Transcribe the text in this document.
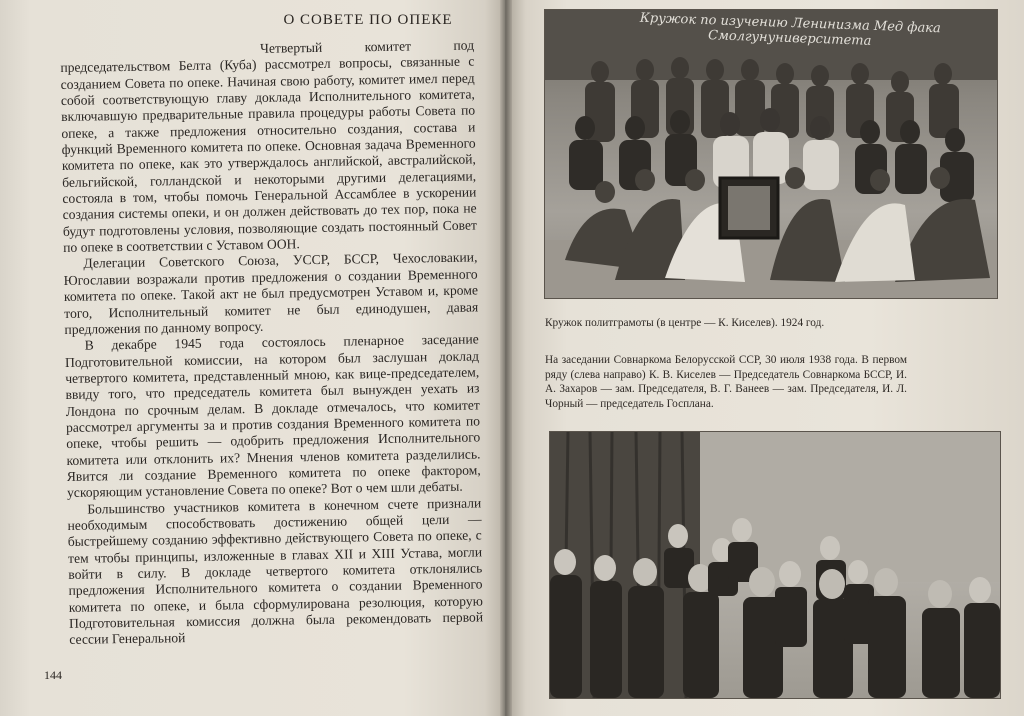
О СОВЕТЕ ПО ОПЕКЕ

Четвертый комитет под председательством Белта (Куба) рассмотрел вопросы, связанные с созданием Совета по опеке. Начиная свою работу, комитет имел перед собой соответствующую главу доклада Исполнительного комитета, включавшую предварительные правила процедуры работы Совета по опеке, а также предложения относительно создания, состава и функций Временного комитета по опеке. Основная задача Временного комитета по опеке, как это утверждалось английской, австралийской, бельгийской, голландской и некоторыми другими делегациями, состояла в том, чтобы помочь Генеральной Ассамблее в ускорении создания системы опеки, и он должен действовать до тех пор, пока не будут подготовлены условия, позволяющие создать постоянный Совет по опеке в соответствии с Уставом ООН.

Делегации Советского Союза, УССР, БССР, Чехословакии, Югославии возражали против предложения о создании Временного комитета по опеке. Такой акт не был предусмотрен Уставом и, кроме того, Исполнительный комитет не был единодушен, давая предложения по данному вопросу.

В декабре 1945 года состоялось пленарное заседание Подготовительной комиссии, на котором был заслушан доклад четвертого комитета, представленный мною, как вице-председателем, ввиду того, что председатель комитета был вынужден уехать из Лондона по срочным делам. В докладе отмечалось, что комитет рассмотрел аргументы за и против создания Временного комитета по опеке, чтобы решить — одобрить предложения Исполнительного комитета или отклонить их? Мнения членов комитета разделились. Явится ли создание Временного комитета по опеке фактором, ускоряющим установление Совета по опеке? Вот о чем шли дебаты.

Большинство участников комитета в конечном счете признали необходимым способствовать достижению общей цели — быстрейшему созданию эффективно действующего Совета по опеке, с тем чтобы принципы, изложенные в главах XII и XIII Устава, могли войти в силу. В докладе четвертого комитета отклонялись предложения Исполнительного комитета о создании Временного комитета по опеке, и была сформулирована резолюция, которую Подготовительная комиссия должна была рекомендовать первой сессии Генеральной

144
Кружок по изучению Ленинизма Мед фака Смолгунуниверситета
Кружок политграмоты (в центре — К. Киселев). 1924 год.
На заседании Совнаркома Белорусской ССР, 30 июля 1938 года. В первом ряду (слева направо) К. В. Киселев — Председатель Совнаркома БССР, И. А. Захаров — зам. Председателя, В. Г. Ванеев — зам. Председателя, И. Л. Чорный — председатель Госплана.
